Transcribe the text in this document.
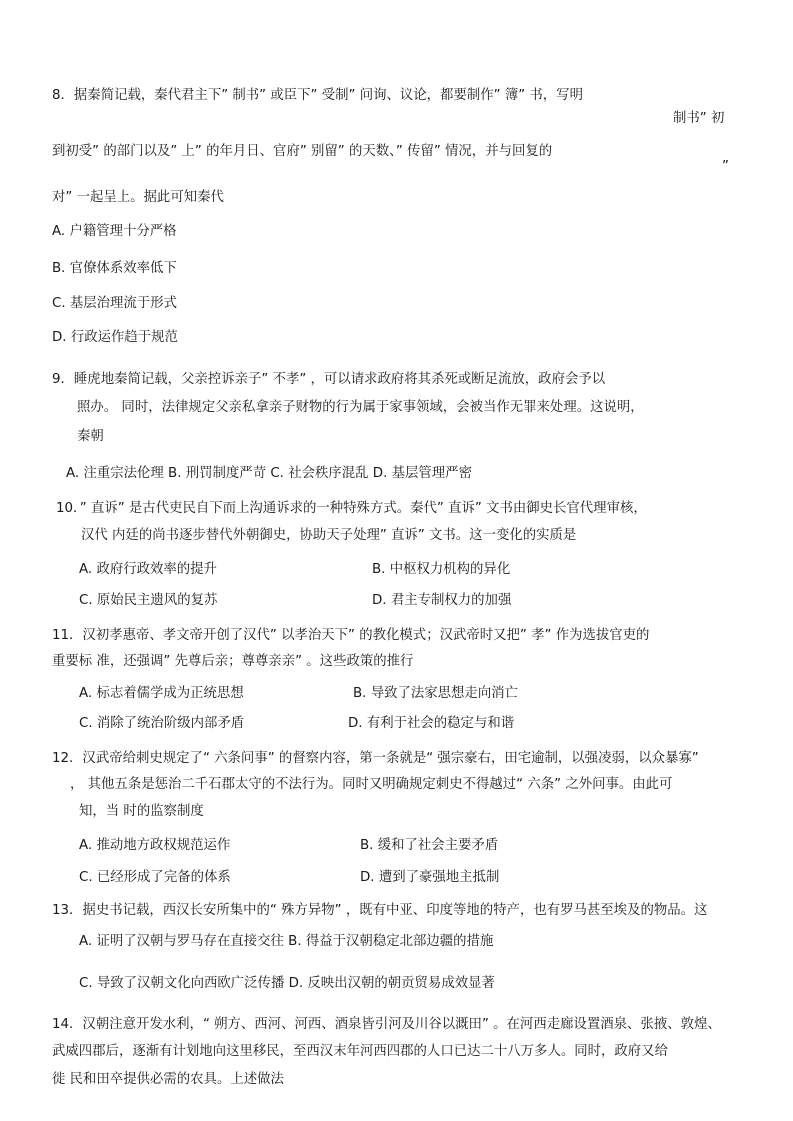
8．据秦简记载，秦代君主下” 制书” 或臣下” 受制” 问询、议论，都要制作” 簿” 书，写明
制书” 初
到初受” 的部门以及” 上” 的年月日、官府” 别留” 的天数、” 传留” 情况，并与回复的
”
对” 一起呈上。据此可知秦代
A. 户籍管理十分严格
B. 官僚体系效率低下
C. 基层治理流于形式
D. 行政运作趋于规范
9．睡虎地秦简记载，父亲控诉亲子” 不孝” ，可以请求政府将其杀死或断足流放，政府会予以
照办。 同时，法律规定父亲私拿亲子财物的行为属于家事领域，会被当作无罪来处理。这说明，
秦朝
A. 注重宗法伦理 B. 刑罚制度严苛 C. 社会秩序混乱 D. 基层管理严密
10．” 直诉” 是古代吏民自下而上沟通诉求的一种特殊方式。秦代” 直诉” 文书由御史长官代理审核，
汉代 内廷的尚书逐步替代外朝御史，协助天子处理” 直诉” 文书。这一变化的实质是
A. 政府行政效率的提升	B. 中枢权力机构的异化
C. 原始民主遗风的复苏	D. 君主专制权力的加强
11．汉初孝惠帝、孝文帝开创了汉代” 以孝治天下” 的教化模式；汉武帝时又把” 孝” 作为选拔官吏的
重要标 准，还强调” 先尊后亲；尊尊亲亲” 。这些政策的推行
A. 标志着儒学成为正统思想	B. 导致了法家思想走向消亡
C. 消除了统治阶级内部矛盾	D. 有利于社会的稳定与和谐
12．汉武帝给刺史规定了“ 六条问事” 的督察内容，第一条就是“ 强宗豪右，田宅逾制，以强凌弱，以众暴寡”
， 其他五条是惩治二千石郡太守的不法行为。同时又明确规定刺史不得越过“ 六条” 之外问事。由此可
知，当 时的监察制度
A. 推动地方政权规范运作	B. 缓和了社会主要矛盾
C. 已经形成了完备的体系	D. 遭到了豪强地主抵制
13．据史书记载，西汉长安所集中的“ 殊方异物” ，既有中亚、印度等地的特产，也有罗马甚至埃及的物品。这
A. 证明了汉朝与罗马存在直接交往 B. 得益于汉朝稳定北部边疆的措施
C. 导致了汉朝文化向西欧广泛传播 D. 反映出汉朝的朝贡贸易成效显著
14．汉朝注意开发水利，“ 朔方、西河、河西、酒泉皆引河及川谷以溉田” 。在河西走廊设置酒泉、张掖、敦煌、
武威四郡后，逐渐有计划地向这里移民，至西汉末年河西四郡的人口已达二十八万多人。同时，政府又给
徙 民和田卒提供必需的农具。上述做法
